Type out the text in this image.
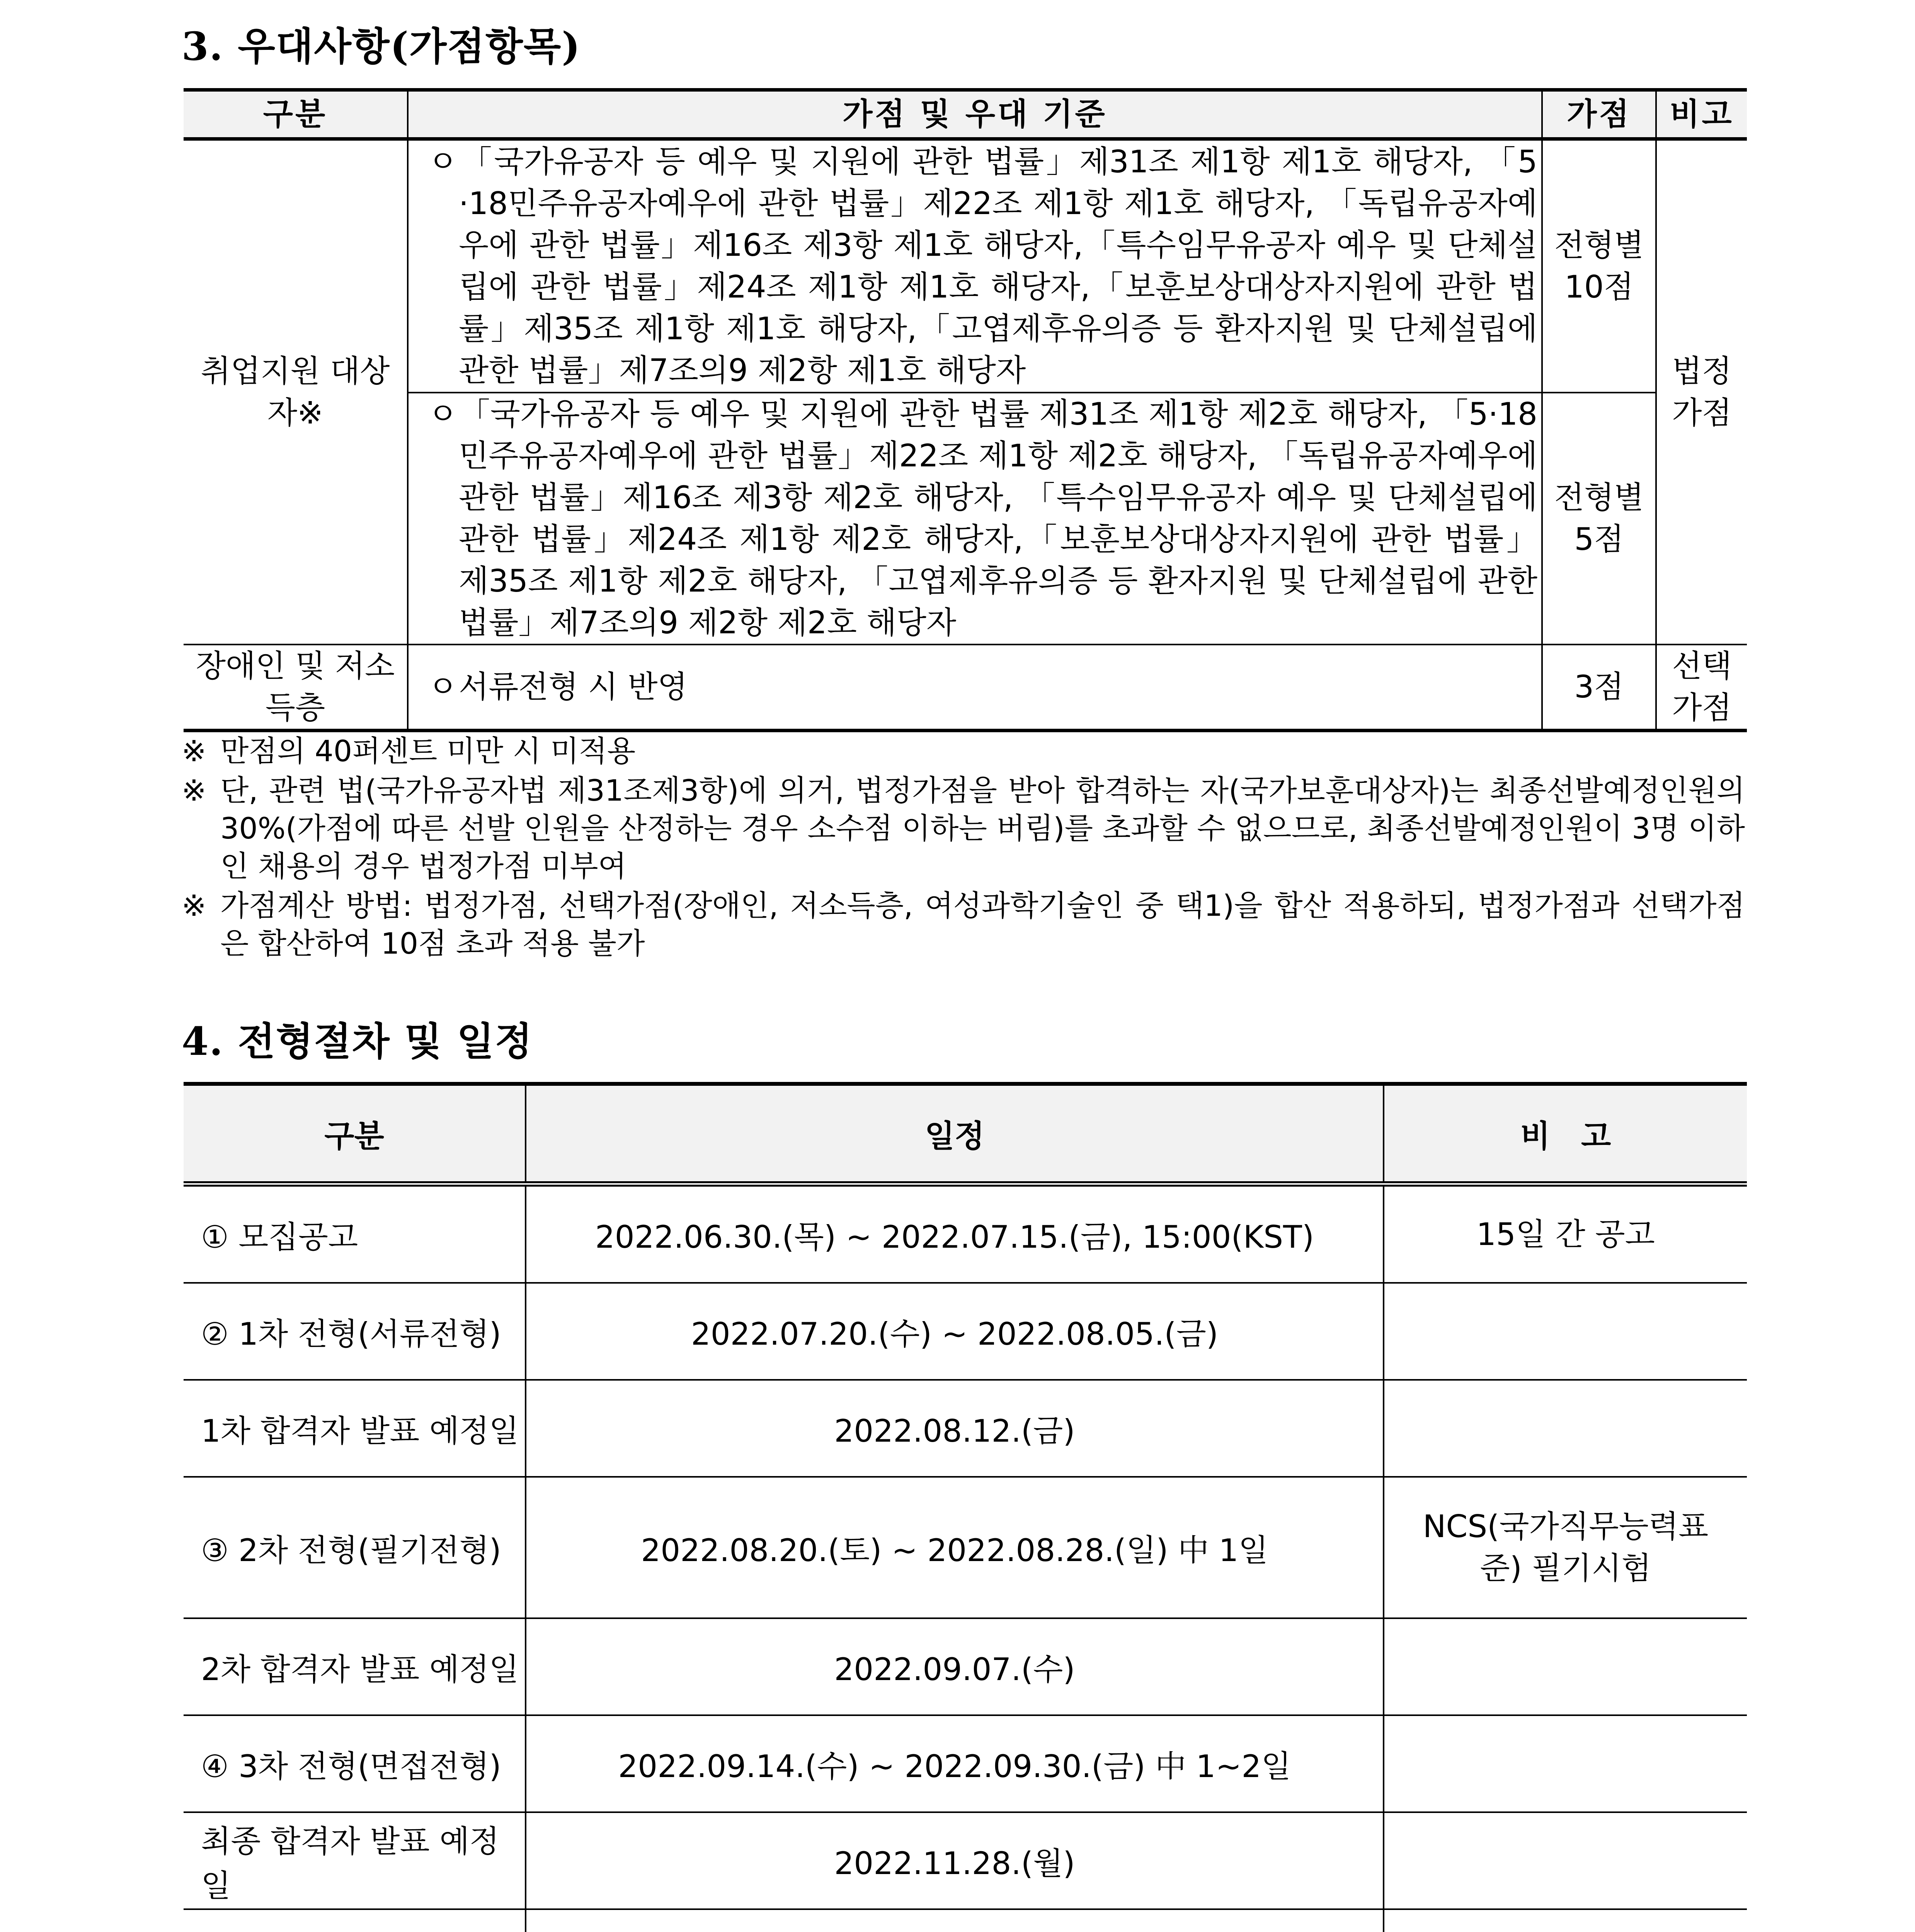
3. 우대사항(가점항목)
구분	가점 및 우대 기준	가점	비고
취업지원 대상자※	ㅇ「국가유공자 등 예우 및 지원에 관한 법률」제31조 제1항 제1호 해당자, 「5 ·18민주유공자예우에 관한 법률」제22조 제1항 제1호 해당자, 「독립유공자예우에 관한 법률」제16조 제3항 제1호 해당자,「특수임무유공자 예우 및 단체설립에 관한 법률」제24조 제1항 제1호 해당자,「보훈보상대상자지원에 관한 법률」제35조 제1항 제1호 해당자,「고엽제후유의증 등 환자지원 및 단체설립에 관한 법률」제7조의9 제2항 제1호 해당자	전형별 10점	법정 가점
	ㅇ「국가유공자 등 예우 및 지원에 관한 법률 제31조 제1항 제2호 해당자, 「5·18민주유공자예우에 관한 법률」제22조 제1항 제2호 해당자, 「독립유공자예우에 관한 법률」제16조 제3항 제2호 해당자, 「특수임무유공자 예우 및 단체설립에 관한 법률」제24조 제1항 제2호 해당자,「보훈보상대상자지원에 관한 법률」 제35조 제1항 제2호 해당자, 「고엽제후유의증 등 환자지원 및 단체설립에 관한 법률」제7조의9 제2항 제2호 해당자	전형별 5점	
장애인 및 저소득층	ㅇ서류전형 시 반영	3점	선택 가점
※ 만점의 40퍼센트 미만 시 미적용
※ 단, 관련 법(국가유공자법 제31조제3항)에 의거, 법정가점을 받아 합격하는 자(국가보훈대상자)는 최종선발예정인원의 30%(가점에 따른 선발 인원을 산정하는 경우 소수점 이하는 버림)를 초과할 수 없으므로, 최종선발예정인원이 3명 이하인 채용의 경우 법정가점 미부여
※ 가점계산 방법: 법정가점, 선택가점(장애인, 저소득층, 여성과학기술인 중 택1)을 합산 적용하되, 법정가점과 선택가점은 합산하여 10점 초과 적용 불가
4. 전형절차 및 일정
구분	일정	비　고
① 모집공고	2022.06.30.(목) ~ 2022.07.15.(금), 15:00(KST)	15일 간 공고
② 1차 전형(서류전형)	2022.07.20.(수) ~ 2022.08.05.(금)	
1차 합격자 발표 예정일	2022.08.12.(금)	
③ 2차 전형(필기전형)	2022.08.20.(토) ~ 2022.08.28.(일) 中 1일	NCS(국가직무능력표준) 필기시험
2차 합격자 발표 예정일	2022.09.07.(수)	
④ 3차 전형(면접전형)	2022.09.14.(수) ~ 2022.09.30.(금) 中 1~2일	
최종 합격자 발표 예정일	2022.11.28.(월)	
